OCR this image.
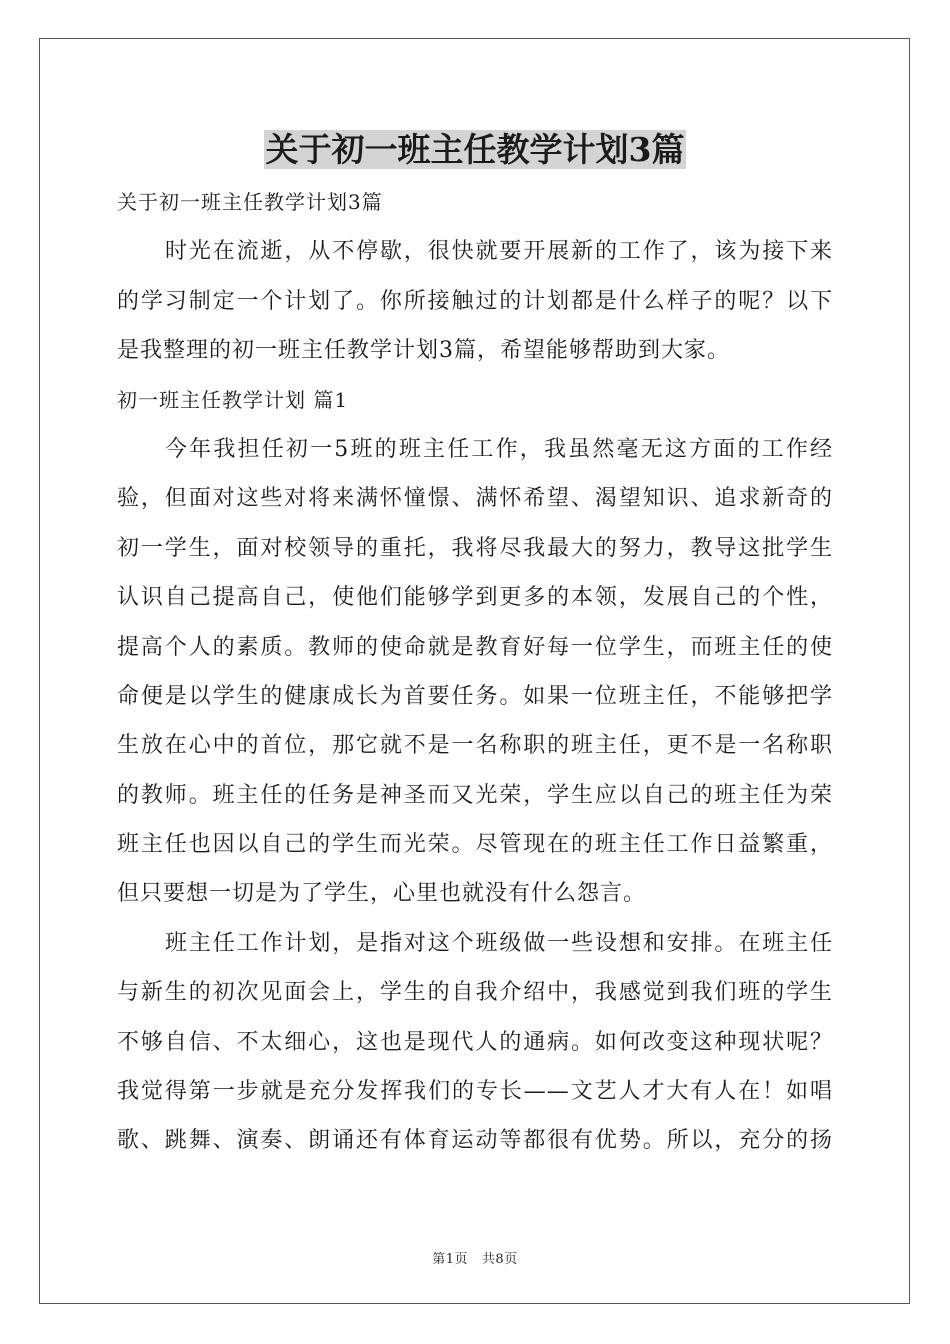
关于初一班主任教学计划3篇
关于初一班主任教学计划3篇
时光在流逝，从不停歇，很快就要开展新的工作了，该为接下来
的学习制定一个计划了。你所接触过的计划都是什么样子的呢？以下
是我整理的初一班主任教学计划3篇，希望能够帮助到大家。
初一班主任教学计划 篇1
今年我担任初一5班的班主任工作，我虽然毫无这方面的工作经
验，但面对这些对将来满怀憧憬、满怀希望、渴望知识、追求新奇的
初一学生，面对校领导的重托，我将尽我最大的努力，教导这批学生
认识自己提高自己，使他们能够学到更多的本领，发展自己的个性，
提高个人的素质。教师的使命就是教育好每一位学生，而班主任的使
命便是以学生的健康成长为首要任务。如果一位班主任，不能够把学
生放在心中的首位，那它就不是一名称职的班主任，更不是一名称职
的教师。班主任的任务是神圣而又光荣，学生应以自己的班主任为荣
班主任也因以自己的学生而光荣。尽管现在的班主任工作日益繁重，
但只要想一切是为了学生，心里也就没有什么怨言。
班主任工作计划，是指对这个班级做一些设想和安排。在班主任
与新生的初次见面会上，学生的自我介绍中，我感觉到我们班的学生
不够自信、不太细心，这也是现代人的通病。如何改变这种现状呢？
我觉得第一步就是充分发挥我们的专长——文艺人才大有人在！如唱
歌、跳舞、演奏、朗诵还有体育运动等都很有优势。所以，充分的扬
第1页   共8页
